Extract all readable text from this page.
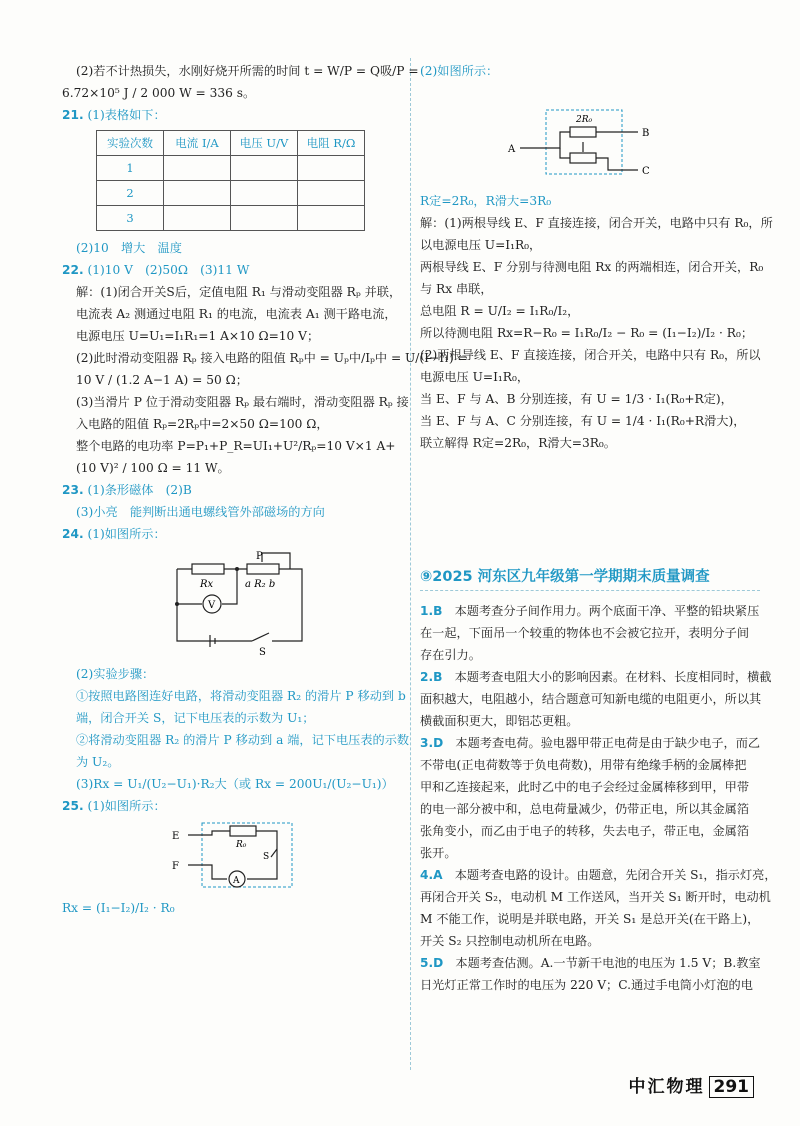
(2)若不计热损失，水刚好烧开所需的时间 t = W/P = Q吸/P =
6.72×10⁵ J / 2 000 W = 336 s。
21. (1)表格如下：
实验次数	电流 I/A	电压 U/V	电阻 R/Ω
1			
2			
3			
(2)10　增大　温度
22. (1)10 V　(2)50Ω　(3)11 W
解：(1)闭合开关S后，定值电阻 R₁ 与滑动变阻器 Rₚ 并联，
电流表 A₂ 测通过电阻 R₁ 的电流，电流表 A₁ 测干路电流，
电源电压 U=U₁=I₁R₁=1 A×10 Ω=10 V；
(2)此时滑动变阻器 Rₚ 接入电路的阻值 Rₚ中 = Uₚ中/Iₚ中 = U/(I−I₁) =
10 V / (1.2 A−1 A) = 50 Ω；
(3)当滑片 P 位于滑动变阻器 Rₚ 最右端时，滑动变阻器 Rₚ 接
入电路的阻值 Rₚ=2Rₚ中=2×50 Ω=100 Ω，
整个电路的电功率 P=P₁+P_R=UI₁+U²/Rₚ=10 V×1 A+
(10 V)² / 100 Ω = 11 W。
23. (1)条形磁体　(2)B
(3)小亮　能判断出通电螺线管外部磁场的方向
24. (1)如图所示：
Rx	a R₂ b
P
V
S
(2)实验步骤：
①按照电路图连好电路，将滑动变阻器 R₂ 的滑片 P 移动到 b
端，闭合开关 S，记下电压表的示数为 U₁；
②将滑动变阻器 R₂ 的滑片 P 移动到 a 端，记下电压表的示数
为 U₂。
(3)Rx = U₁/(U₂−U₁)·R₂大（或 Rx = 200U₁/(U₂−U₁)）
25. (1)如图所示：
E
F
R₀
S
A
Rx = (I₁−I₂)/I₂ · R₀
(2)如图所示：
2R₀
A
B
C
R定=2R₀，R滑大=3R₀
解：(1)两根导线 E、F 直接连接，闭合开关，电路中只有 R₀，所
以电源电压 U=I₁R₀，
两根导线 E、F 分别与待测电阻 Rx 的两端相连，闭合开关，R₀
与 Rx 串联，
总电阻 R = U/I₂ = I₁R₀/I₂，
所以待测电阻 Rx=R−R₀ = I₁R₀/I₂ − R₀ = (I₁−I₂)/I₂ · R₀；
(2)两根导线 E、F 直接连接，闭合开关，电路中只有 R₀，所以
电源电压 U=I₁R₀，
当 E、F 与 A、B 分别连接，有 U = 1/3 · I₁(R₀+R定)，
当 E、F 与 A、C 分别连接，有 U = 1/4 · I₁(R₀+R滑大)，
联立解得 R定=2R₀，R滑大=3R₀。
⑨2025 河东区九年级第一学期期末质量调查
1.B　 本题考查分子间作用力。两个底面干净、平整的铅块紧压
在一起，下面吊一个较重的物体也不会被它拉开，表明分子间
存在引力。
2.B　 本题考查电阻大小的影响因素。在材料、长度相同时，横截
面积越大，电阻越小，结合题意可知新电缆的电阻更小，所以其
横截面积更大，即铝芯更粗。
3.D　 本题考查电荷。验电器甲带正电荷是由于缺少电子，而乙
不带电(正电荷数等于负电荷数)，用带有绝缘手柄的金属棒把
甲和乙连接起来，此时乙中的电子会经过金属棒移到甲，甲带
的电一部分被中和，总电荷量减少，仍带正电，所以其金属箔
张角变小，而乙由于电子的转移，失去电子，带正电，金属箔
张开。
4.A　 本题考查电路的设计。由题意，先闭合开关 S₁，指示灯亮，
再闭合开关 S₂，电动机 M 工作送风，当开关 S₁ 断开时，电动机
M 不能工作，说明是并联电路，开关 S₁ 是总开关(在干路上)，
开关 S₂ 只控制电动机所在电路。
5.D　 本题考查估测。A.一节新干电池的电压为 1.5 V；B.教室
日光灯正常工作时的电压为 220 V；C.通过手电筒小灯泡的电
中汇物理 291
